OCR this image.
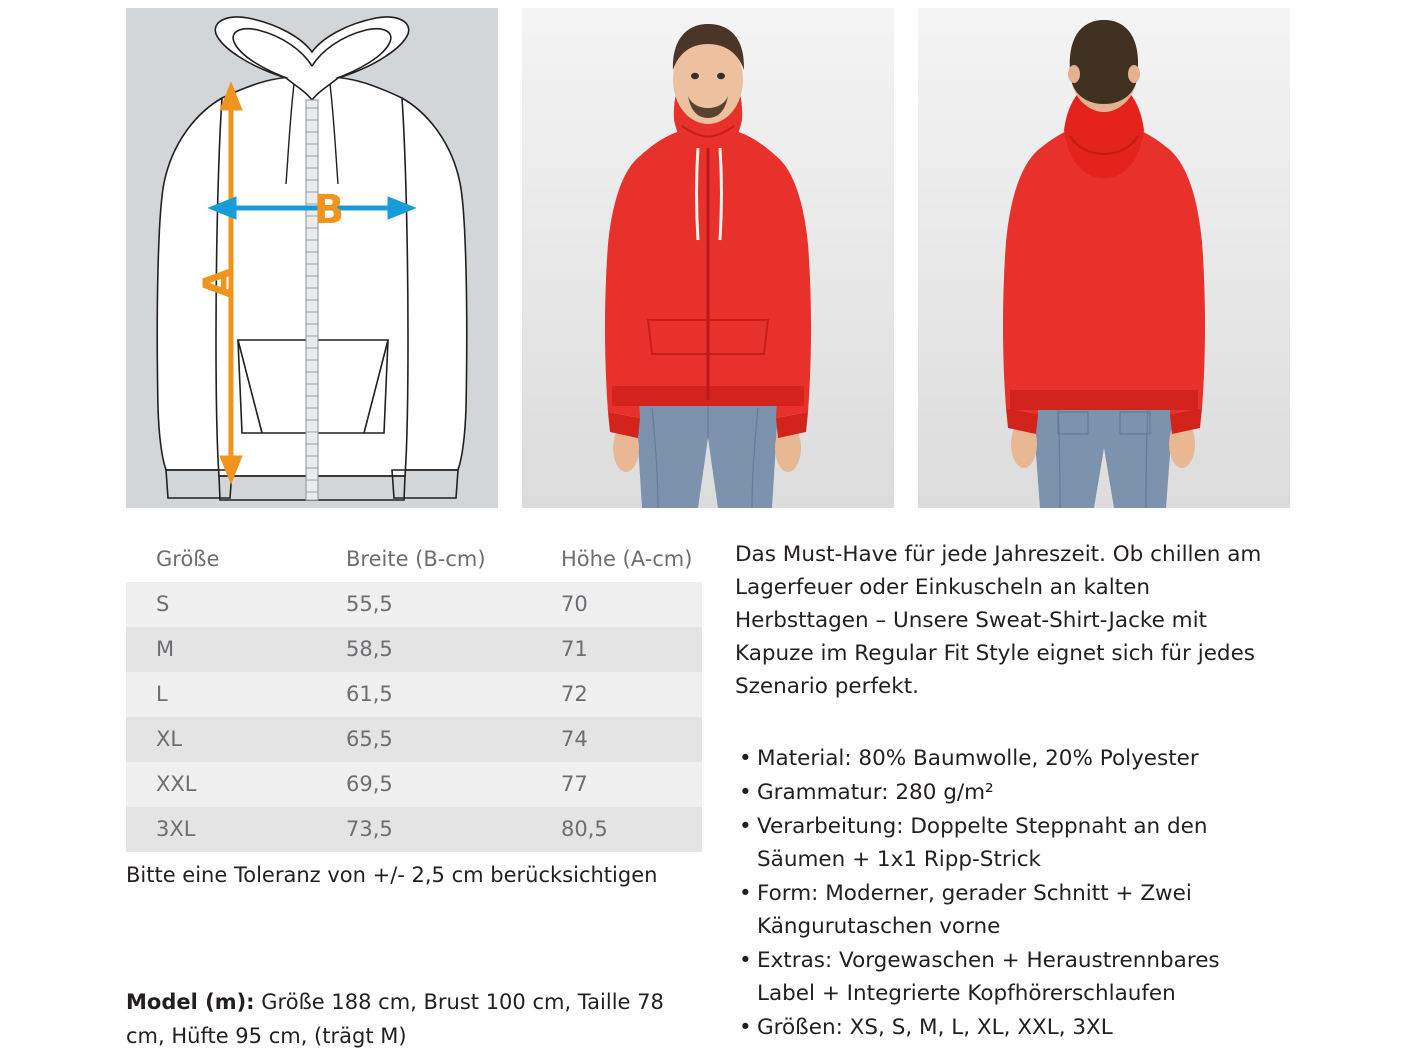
A
B
Größe	Breite (B-cm)	Höhe (A-cm)
S	55,5	70
M	58,5	71
L	61,5	72
XL	65,5	74
XXL	69,5	77
3XL	73,5	80,5
Bitte eine Toleranz von +/- 2,5 cm berücksichtigen
Model (m): Größe 188 cm, Brust 100 cm, Taille 78 cm, Hüfte 95 cm, (trägt M)

Das Must-Have für jede Jahreszeit. Ob chillen am Lagerfeuer oder Einkuscheln an kalten Herbsttagen – Unsere Sweat-Shirt-Jacke mit Kapuze im Regular Fit Style eignet sich für jedes Szenario perfekt.

• Material: 80% Baumwolle, 20% Polyester
• Grammatur: 280 g/m²
• Verarbeitung: Doppelte Steppnaht an den Säumen + 1x1 Ripp-Strick
• Form: Moderner, gerader Schnitt + Zwei Kängurutaschen vorne
• Extras: Vorgewaschen + Heraustrennbares Label + Integrierte Kopfhörerschlaufen
• Größen: XS, S, M, L, XL, XXL, 3XL
